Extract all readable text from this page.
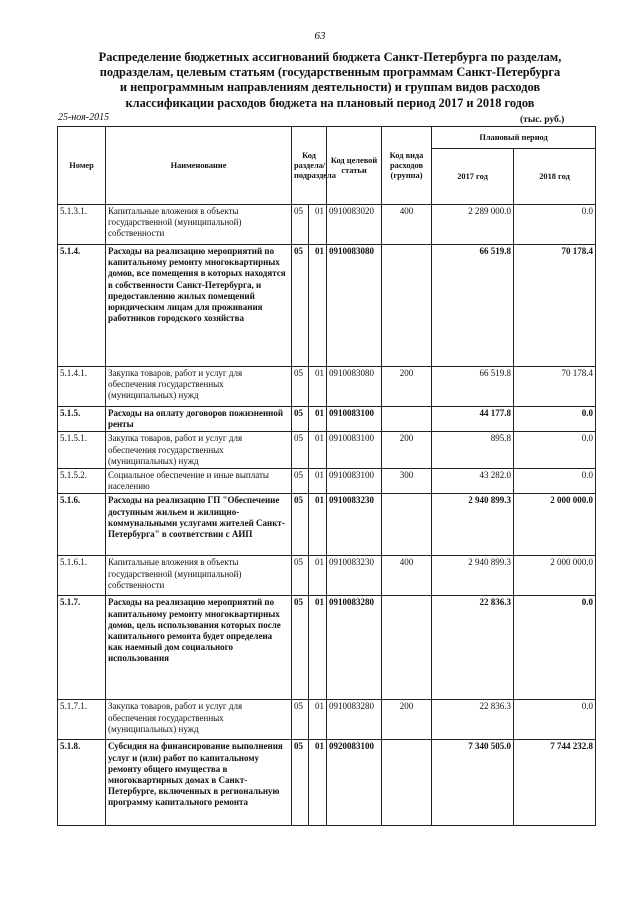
63
Распределение бюджетных ассигнований бюджета Санкт-Петербурга по разделам,
подразделам, целевым статьям (государственным программам Санкт-Петербурга
и непрограммным направлениям деятельности) и группам видов расходов
классификации расходов бюджета на плановый период 2017 и 2018 годов
25-ноя-2015	(тыс. руб.)
Номер	Наименование	Код раздела/ подраздела		Код целевой статьи	Код вида расходов (группа)	Плановый период	
						2017 год	2018 год
5.1.3.1.	Капитальные вложения в объекты государственной (муниципальной) собственности	05	01	0910083020	400	2 289 000.0	0.0
5.1.4.	Расходы на реализацию мероприятий по капитальному ремонту многоквартирных домов, все помещения в которых находятся в собственности Санкт-Петербурга, и предоставлению жилых помещений юридическим лицам для проживания работников городского хозяйства	05	01	0910083080		66 519.8	70 178.4
5.1.4.1.	Закупка товаров, работ и услуг для обеспечения государственных (муниципальных) нужд	05	01	0910083080	200	66 519.8	70 178.4
5.1.5.	Расходы на оплату договоров пожизненной ренты	05	01	0910083100		44 177.8	0.0
5.1.5.1.	Закупка товаров, работ и услуг для обеспечения государственных (муниципальных) нужд	05	01	0910083100	200	895.8	0.0
5.1.5.2.	Социальное обеспечение и иные выплаты населению	05	01	0910083100	300	43 282.0	0.0
5.1.6.	Расходы на реализацию ГП "Обеспечение доступным жильем и жилищно-коммунальными услугами жителей Санкт-Петербурга" в соответствии с АИП	05	01	0910083230		2 940 899.3	2 000 000.0
5.1.6.1.	Капитальные вложения в объекты государственной (муниципальной) собственности	05	01	0910083230	400	2 940 899.3	2 000 000.0
5.1.7.	Расходы на реализацию мероприятий по капитальному ремонту многоквартирных домов, цель использования которых после капитального ремонта будет определена как наемный дом социального использования	05	01	0910083280		22 836.3	0.0
5.1.7.1.	Закупка товаров, работ и услуг для обеспечения государственных (муниципальных) нужд	05	01	0910083280	200	22 836.3	0.0
5.1.8.	Субсидия на финансирование выполнения услуг и (или) работ по капитальному ремонту общего имущества в многоквартирных домах в Санкт-Петербурге, включенных в региональную программу капитального ремонта	05	01	0920083100		7 340 505.0	7 744 232.8
